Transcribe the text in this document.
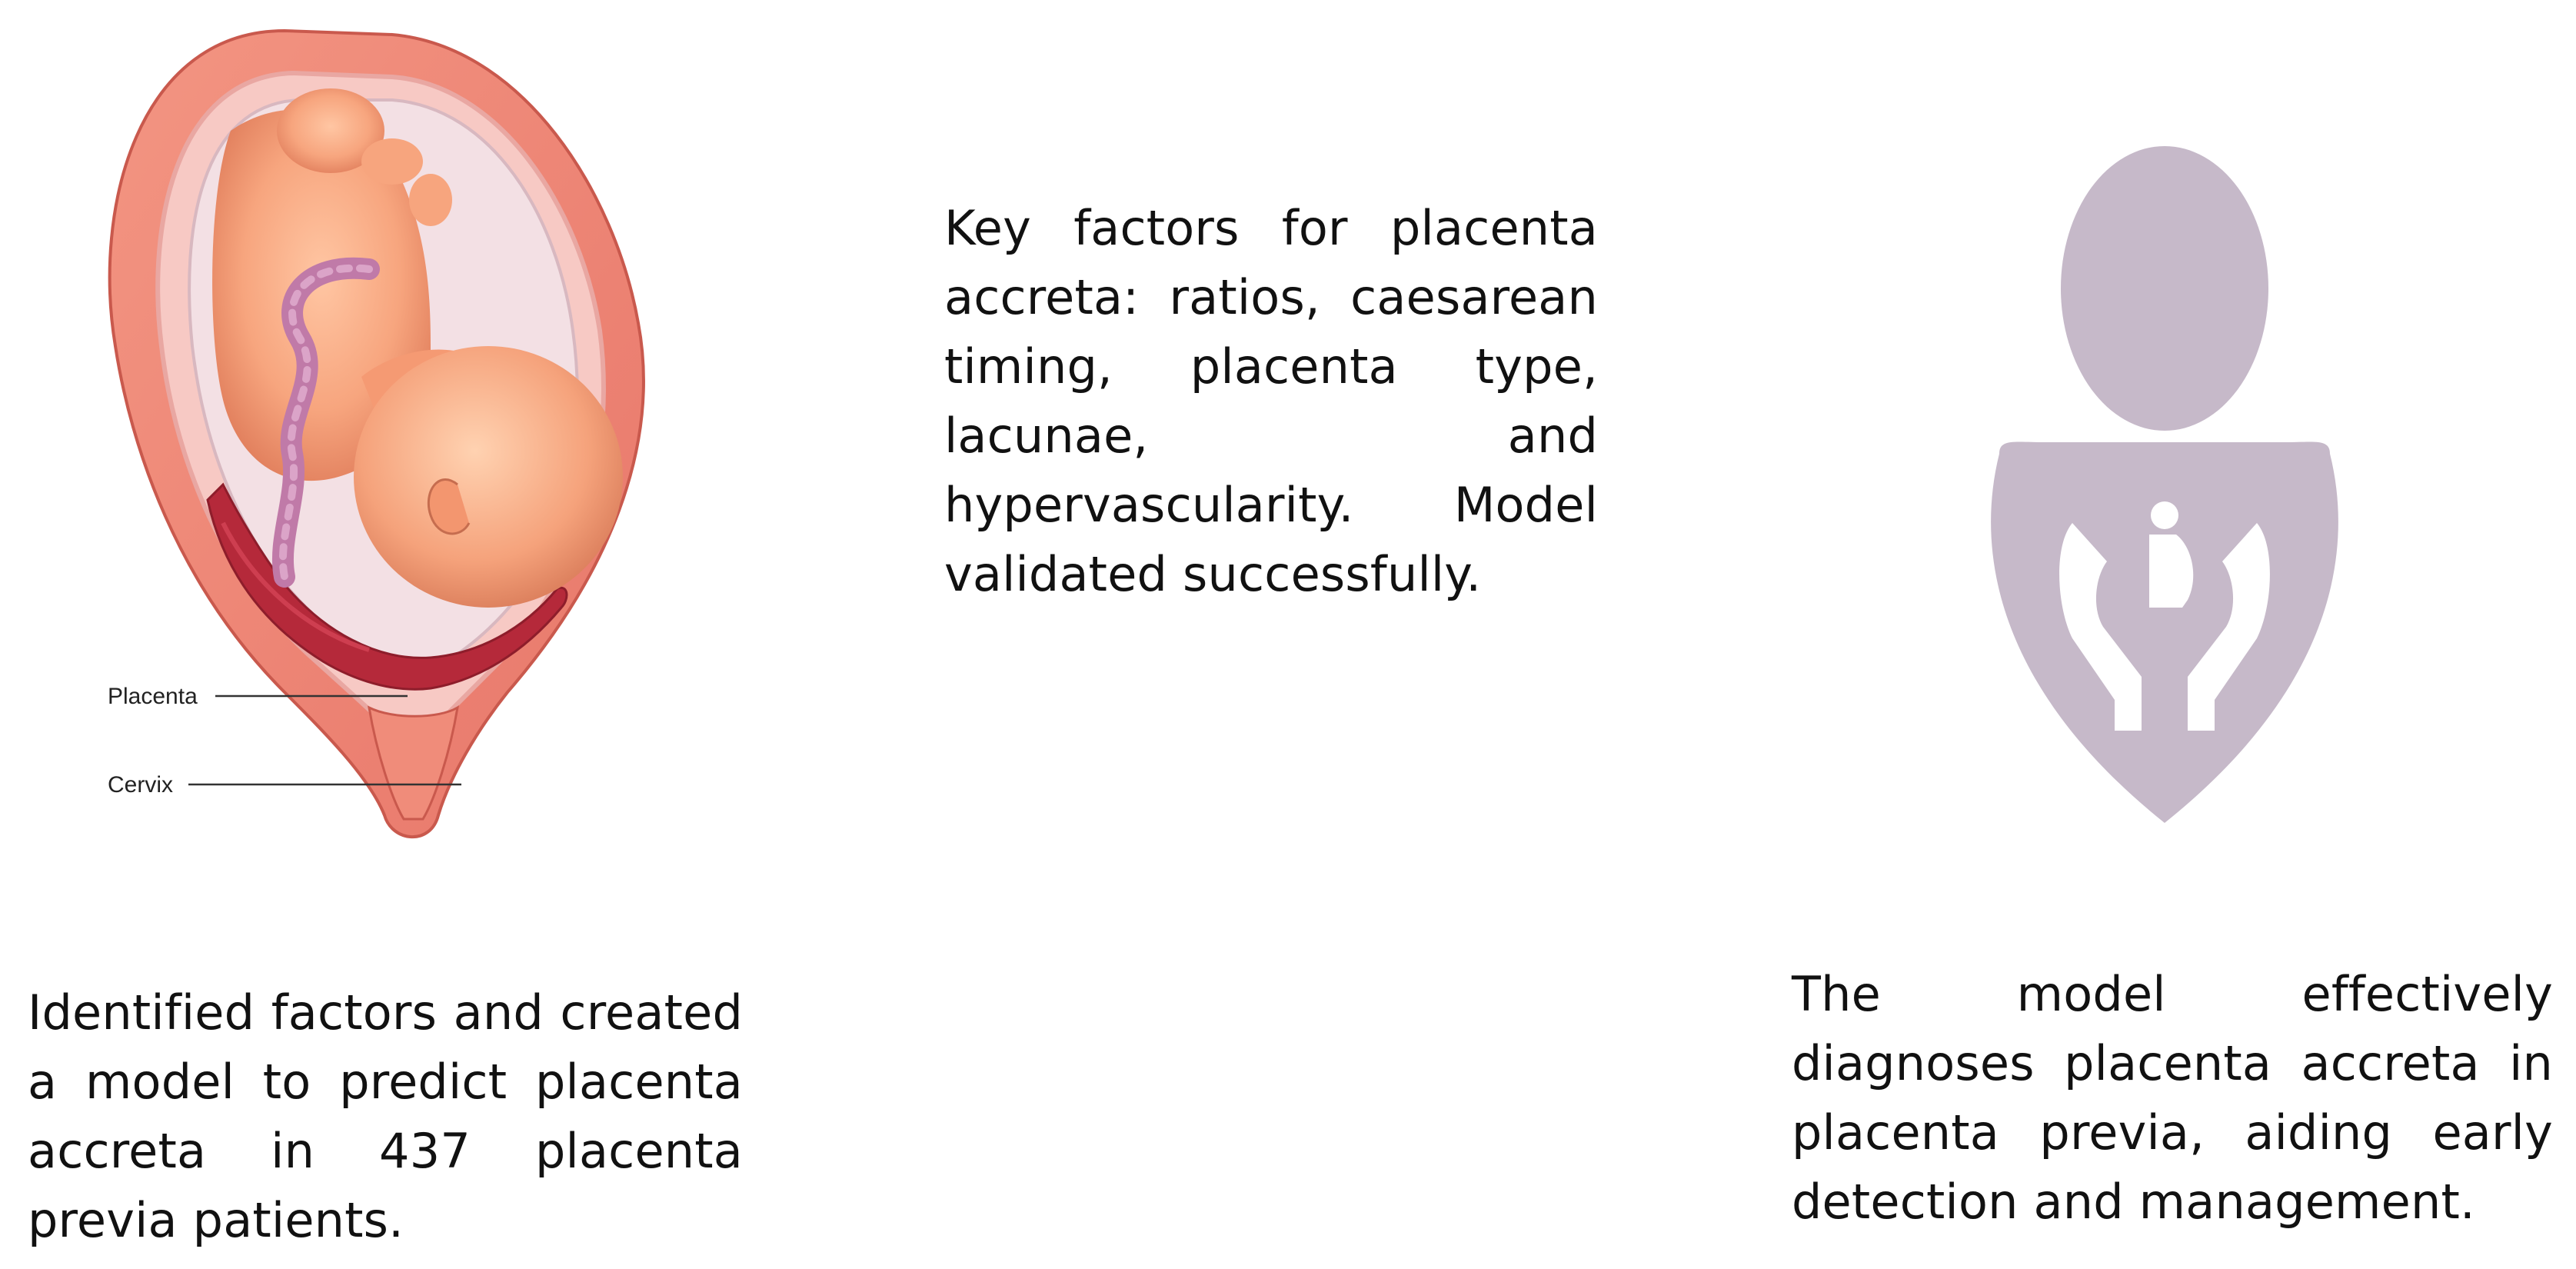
Placenta
Cervix
Key factors for placenta accreta: ratios, caesarean timing, placenta type, lacunae, and hypervascularity. Model validated successfully.
Identified factors and created a model to predict placenta accreta in 437 placenta previa patients.
The model effectively diagnoses placenta accreta in placenta previa, aiding early detection and management.
